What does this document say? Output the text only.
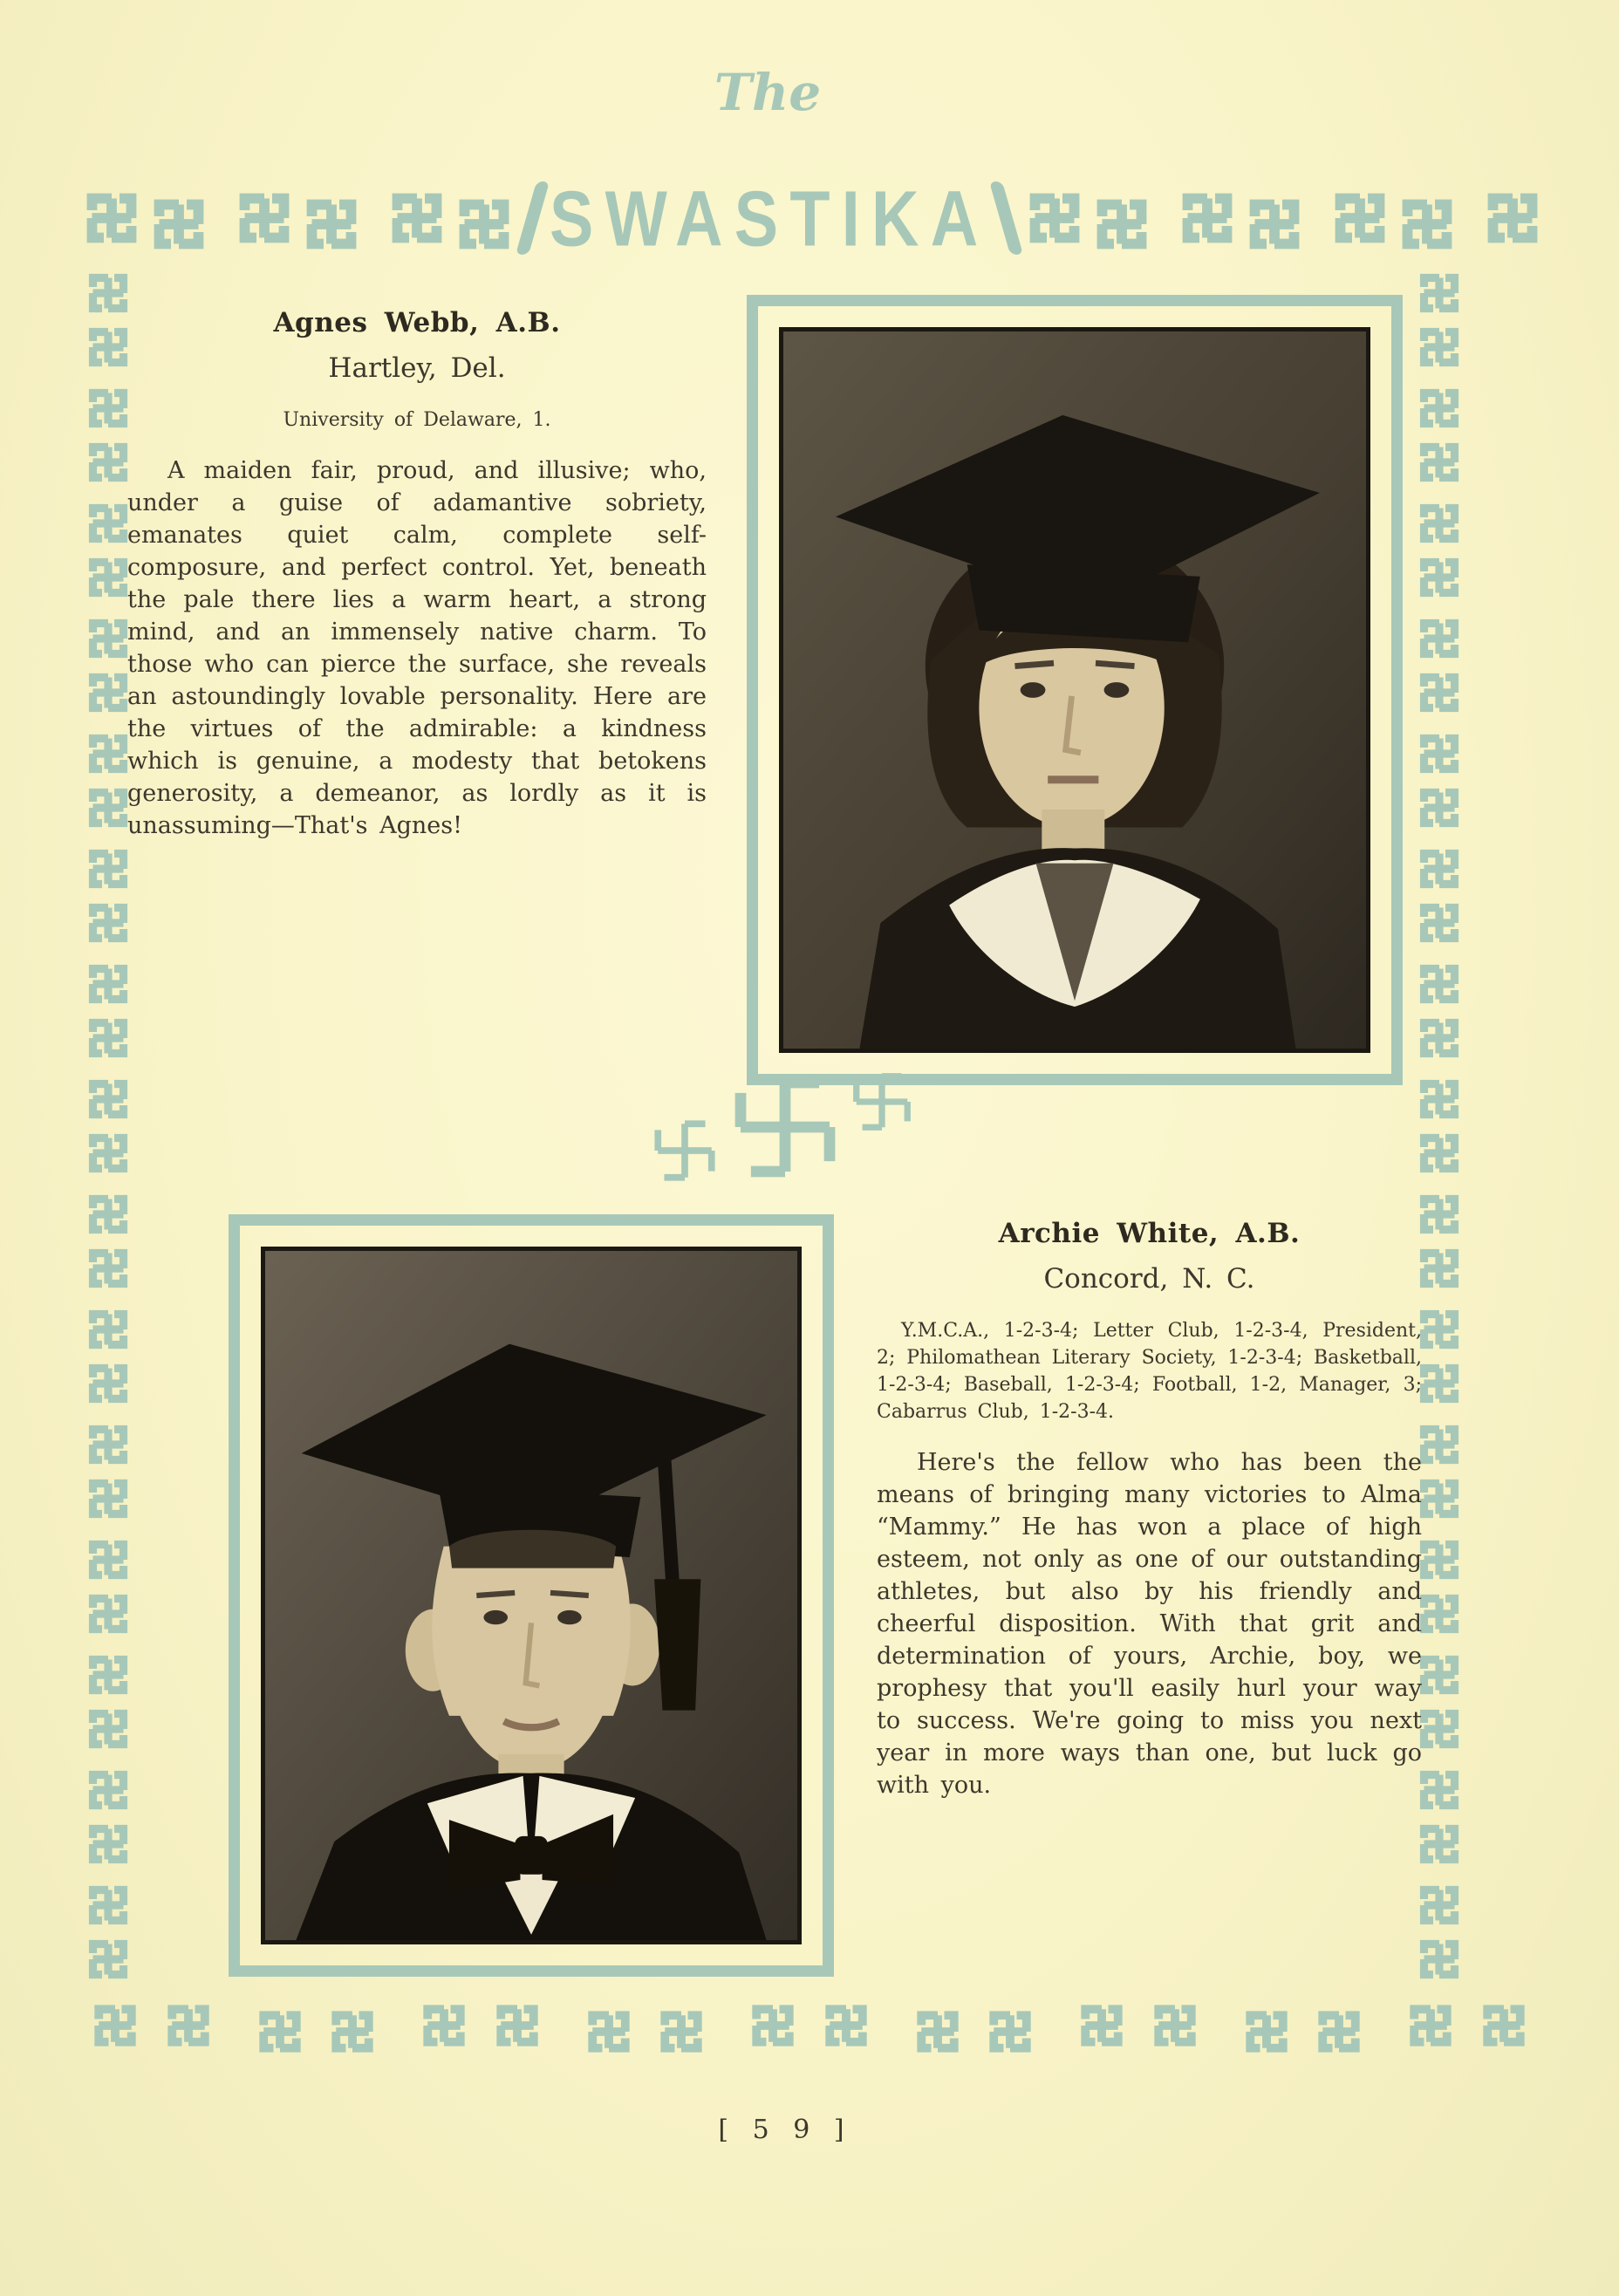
The
SWASTIKA
Agnes Webb, A.B.
Hartley, Del.
University of Delaware, 1.
A maiden fair, proud, and illusive; who, under a guise of adamantive sobriety, emanates quiet calm, complete self-composure, and perfect control. Yet, beneath the pale there lies a warm heart, a strong mind, and an immensely native charm. To those who can pierce the surface, she reveals an astoundingly lovable personality. Here are the virtues of the admirable: a kindness which is genuine, a modesty that betokens generosity, a demeanor, as lordly as it is unassuming—That's Agnes!
Archie White, A.B.
Concord, N. C.
Y.M.C.A., 1-2-3-4; Letter Club, 1-2-3-4, President, 2; Philomathean Literary Society, 1-2-3-4; Basketball, 1-2-3-4; Baseball, 1-2-3-4; Football, 1-2, Manager, 3; Cabarrus Club, 1-2-3-4.
Here's the fellow who has been the means of bringing many victories to Alma “Mammy.” He has won a place of high esteem, not only as one of our outstanding athletes, but also by his friendly and cheerful disposition. With that grit and determination of yours, Archie, boy, we prophesy that you'll easily hurl your way to success. We're going to miss you next year in more ways than one, but luck go with you.
[ 5 9 ]
